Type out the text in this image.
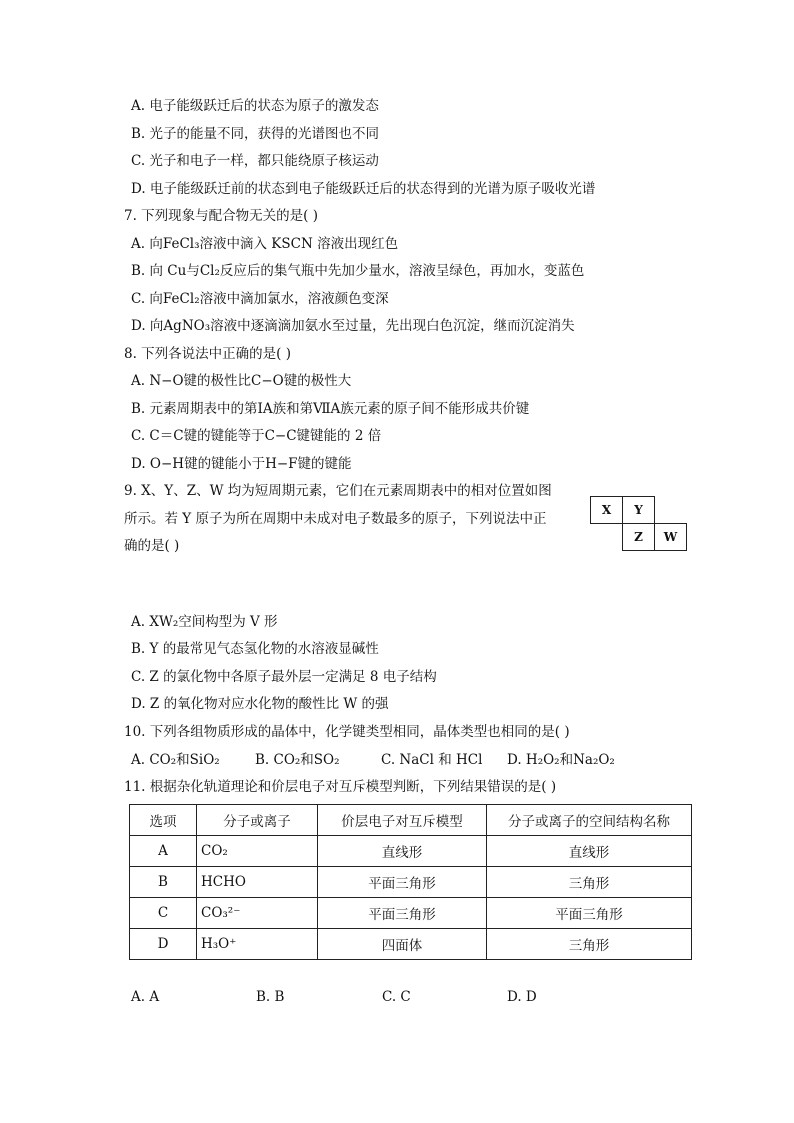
A. 电子能级跃迁后的状态为原子的激发态
B. 光子的能量不同，获得的光谱图也不同
C. 光子和电子一样，都只能绕原子核运动
D. 电子能级跃迁前的状态到电子能级跃迁后的状态得到的光谱为原子吸收光谱
7. 下列现象与配合物无关的是( )
A. 向FeCl₃溶液中滴入 KSCN 溶液出现红色
B. 向 Cu与Cl₂反应后的集气瓶中先加少量水，溶液呈绿色，再加水，变蓝色
C. 向FeCl₂溶液中滴加氯水，溶液颜色变深
D. 向AgNO₃溶液中逐滴滴加氨水至过量，先出现白色沉淀，继而沉淀消失
8. 下列各说法中正确的是( )
A. N−O键的极性比C−O键的极性大
B. 元素周期表中的第ⅠA族和第ⅦA族元素的原子间不能形成共价键
C. C＝C键的键能等于C−C键键能的 2 倍
D. O−H键的键能小于H−F键的键能
9. X、Y、Z、W 均为短周期元素，它们在元素周期表中的相对位置如图
所示。若 Y 原子为所在周期中未成对电子数最多的原子，下列说法中正
确的是( )
X	Y	
	Z	W
A. XW₂空间构型为 V 形
B. Y 的最常见气态氢化物的水溶液显碱性
C. Z 的氯化物中各原子最外层一定满足 8 电子结构
D. Z 的氧化物对应水化物的酸性比 W 的强
10. 下列各组物质形成的晶体中，化学键类型相同，晶体类型也相同的是( )
A. CO₂和SiO₂	B. CO₂和SO₂	C. NaCl 和 HCl D. H₂O₂和Na₂O₂
11. 根据杂化轨道理论和价层电子对互斥模型判断，下列结果错误的是( )
选项	分子或离子	价层电子对互斥模型	分子或离子的空间结构名称
A	CO₂	直线形	直线形
B	HCHO	平面三角形	三角形
C	CO₃²⁻	平面三角形	平面三角形
D	H₃O⁺	四面体	三角形
A. A	B. B	C. C	D. D
